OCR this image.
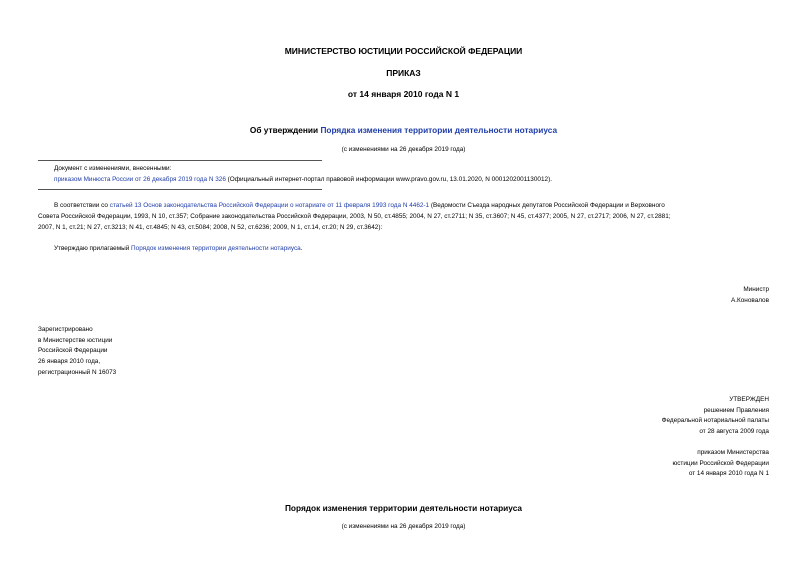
МИНИСТЕРСТВО ЮСТИЦИИ РОССИЙСКОЙ ФЕДЕРАЦИИ
ПРИКАЗ
от 14 января 2010 года N 1
Об утверждении Порядка изменения территории деятельности нотариуса
(с изменениями на 26 декабря 2019 года)
Документ с изменениями, внесенными:
приказом Минюста России от 26 декабря 2019 года N 326 (Официальный интернет-портал правовой информации www.pravo.gov.ru, 13.01.2020, N 0001202001130012).
В соответствии со статьей 13 Основ законодательства Российской Федерации о нотариате от 11 февраля 1993 года N 4462-1 (Ведомости Съезда народных депутатов Российской Федерации и Верховного
Совета Российской Федерации, 1993, N 10, ст.357; Собрание законодательства Российской Федерации, 2003, N 50, ст.4855; 2004, N 27, ст.2711; N 35, ст.3607; N 45, ст.4377; 2005, N 27, ст.2717; 2006, N 27, ст.2881;
2007, N 1, ст.21; N 27, ст.3213; N 41, ст.4845; N 43, ст.5084; 2008, N 52, ст.6236; 2009, N 1, ст.14, ст.20; N 29, ст.3642):
Утверждаю прилагаемый Порядок изменения территории деятельности нотариуса.
Министр
А.Коновалов
Зарегистрировано
в Министерстве юстиции
Российской Федерации
26 января 2010 года,
регистрационный N 16073
УТВЕРЖДЕН
решением Правления
Федеральной нотариальной палаты
от 28 августа 2009 года
приказом Министерства
юстиции Российской Федерации
от 14 января 2010 года N 1
Порядок изменения территории деятельности нотариуса
(с изменениями на 26 декабря 2019 года)
